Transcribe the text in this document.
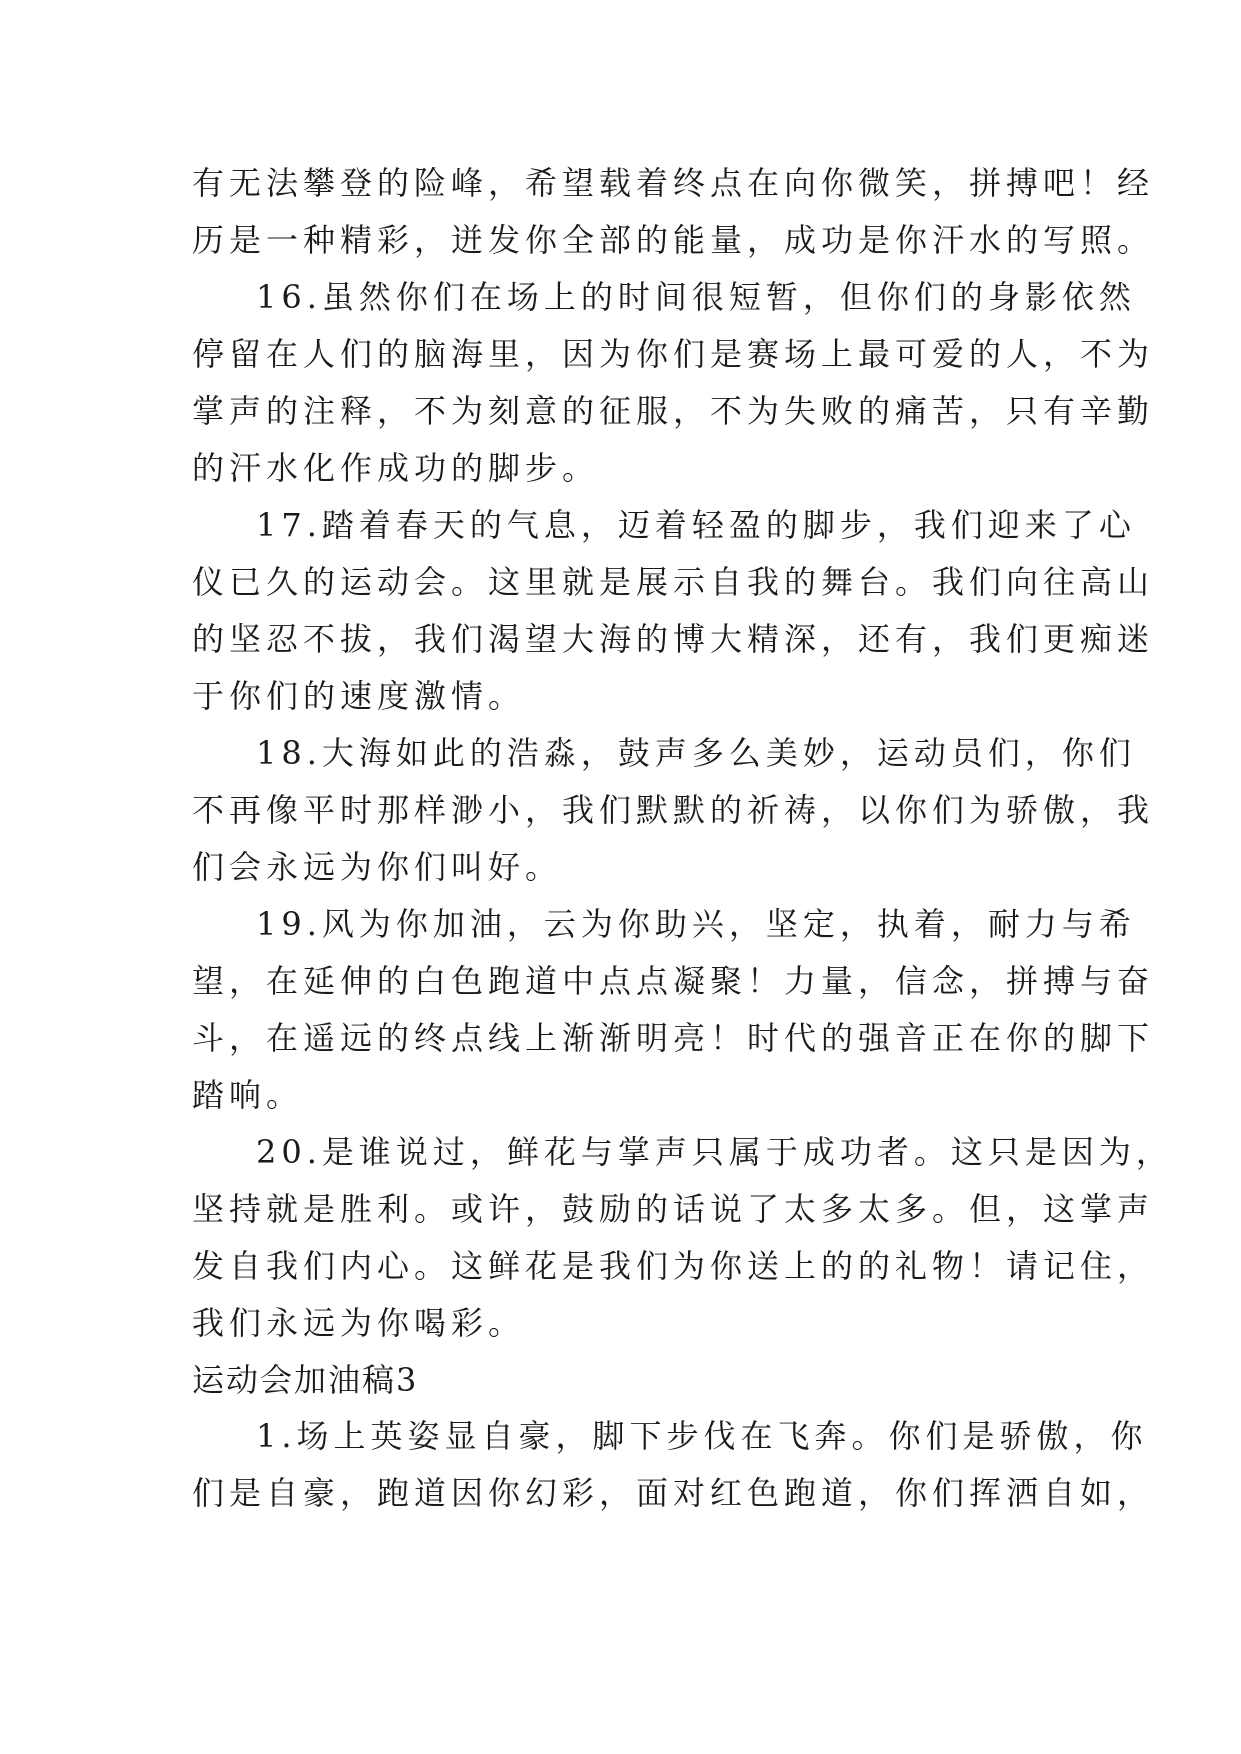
有无法攀登的险峰，希望载着终点在向你微笑，拼搏吧！经
历是一种精彩，迸发你全部的能量，成功是你汗水的写照。
16.虽然你们在场上的时间很短暂，但你们的身影依然
停留在人们的脑海里，因为你们是赛场上最可爱的人，不为
掌声的注释，不为刻意的征服，不为失败的痛苦，只有辛勤
的汗水化作成功的脚步。
17.踏着春天的气息，迈着轻盈的脚步，我们迎来了心
仪已久的运动会。这里就是展示自我的舞台。我们向往高山
的坚忍不拔，我们渴望大海的博大精深，还有，我们更痴迷
于你们的速度激情。
18.大海如此的浩淼，鼓声多么美妙，运动员们，你们
不再像平时那样渺小，我们默默的祈祷，以你们为骄傲，我
们会永远为你们叫好。
19.风为你加油，云为你助兴，坚定，执着，耐力与希
望，在延伸的白色跑道中点点凝聚！力量，信念，拼搏与奋
斗，在遥远的终点线上渐渐明亮！时代的强音正在你的脚下
踏响。
20.是谁说过，鲜花与掌声只属于成功者。这只是因为，
坚持就是胜利。或许，鼓励的话说了太多太多。但，这掌声
发自我们内心。这鲜花是我们为你送上的的礼物！请记住，
我们永远为你喝彩。
运动会加油稿3
1.场上英姿显自豪，脚下步伐在飞奔。你们是骄傲，你
们是自豪，跑道因你幻彩，面对红色跑道，你们挥洒自如，
